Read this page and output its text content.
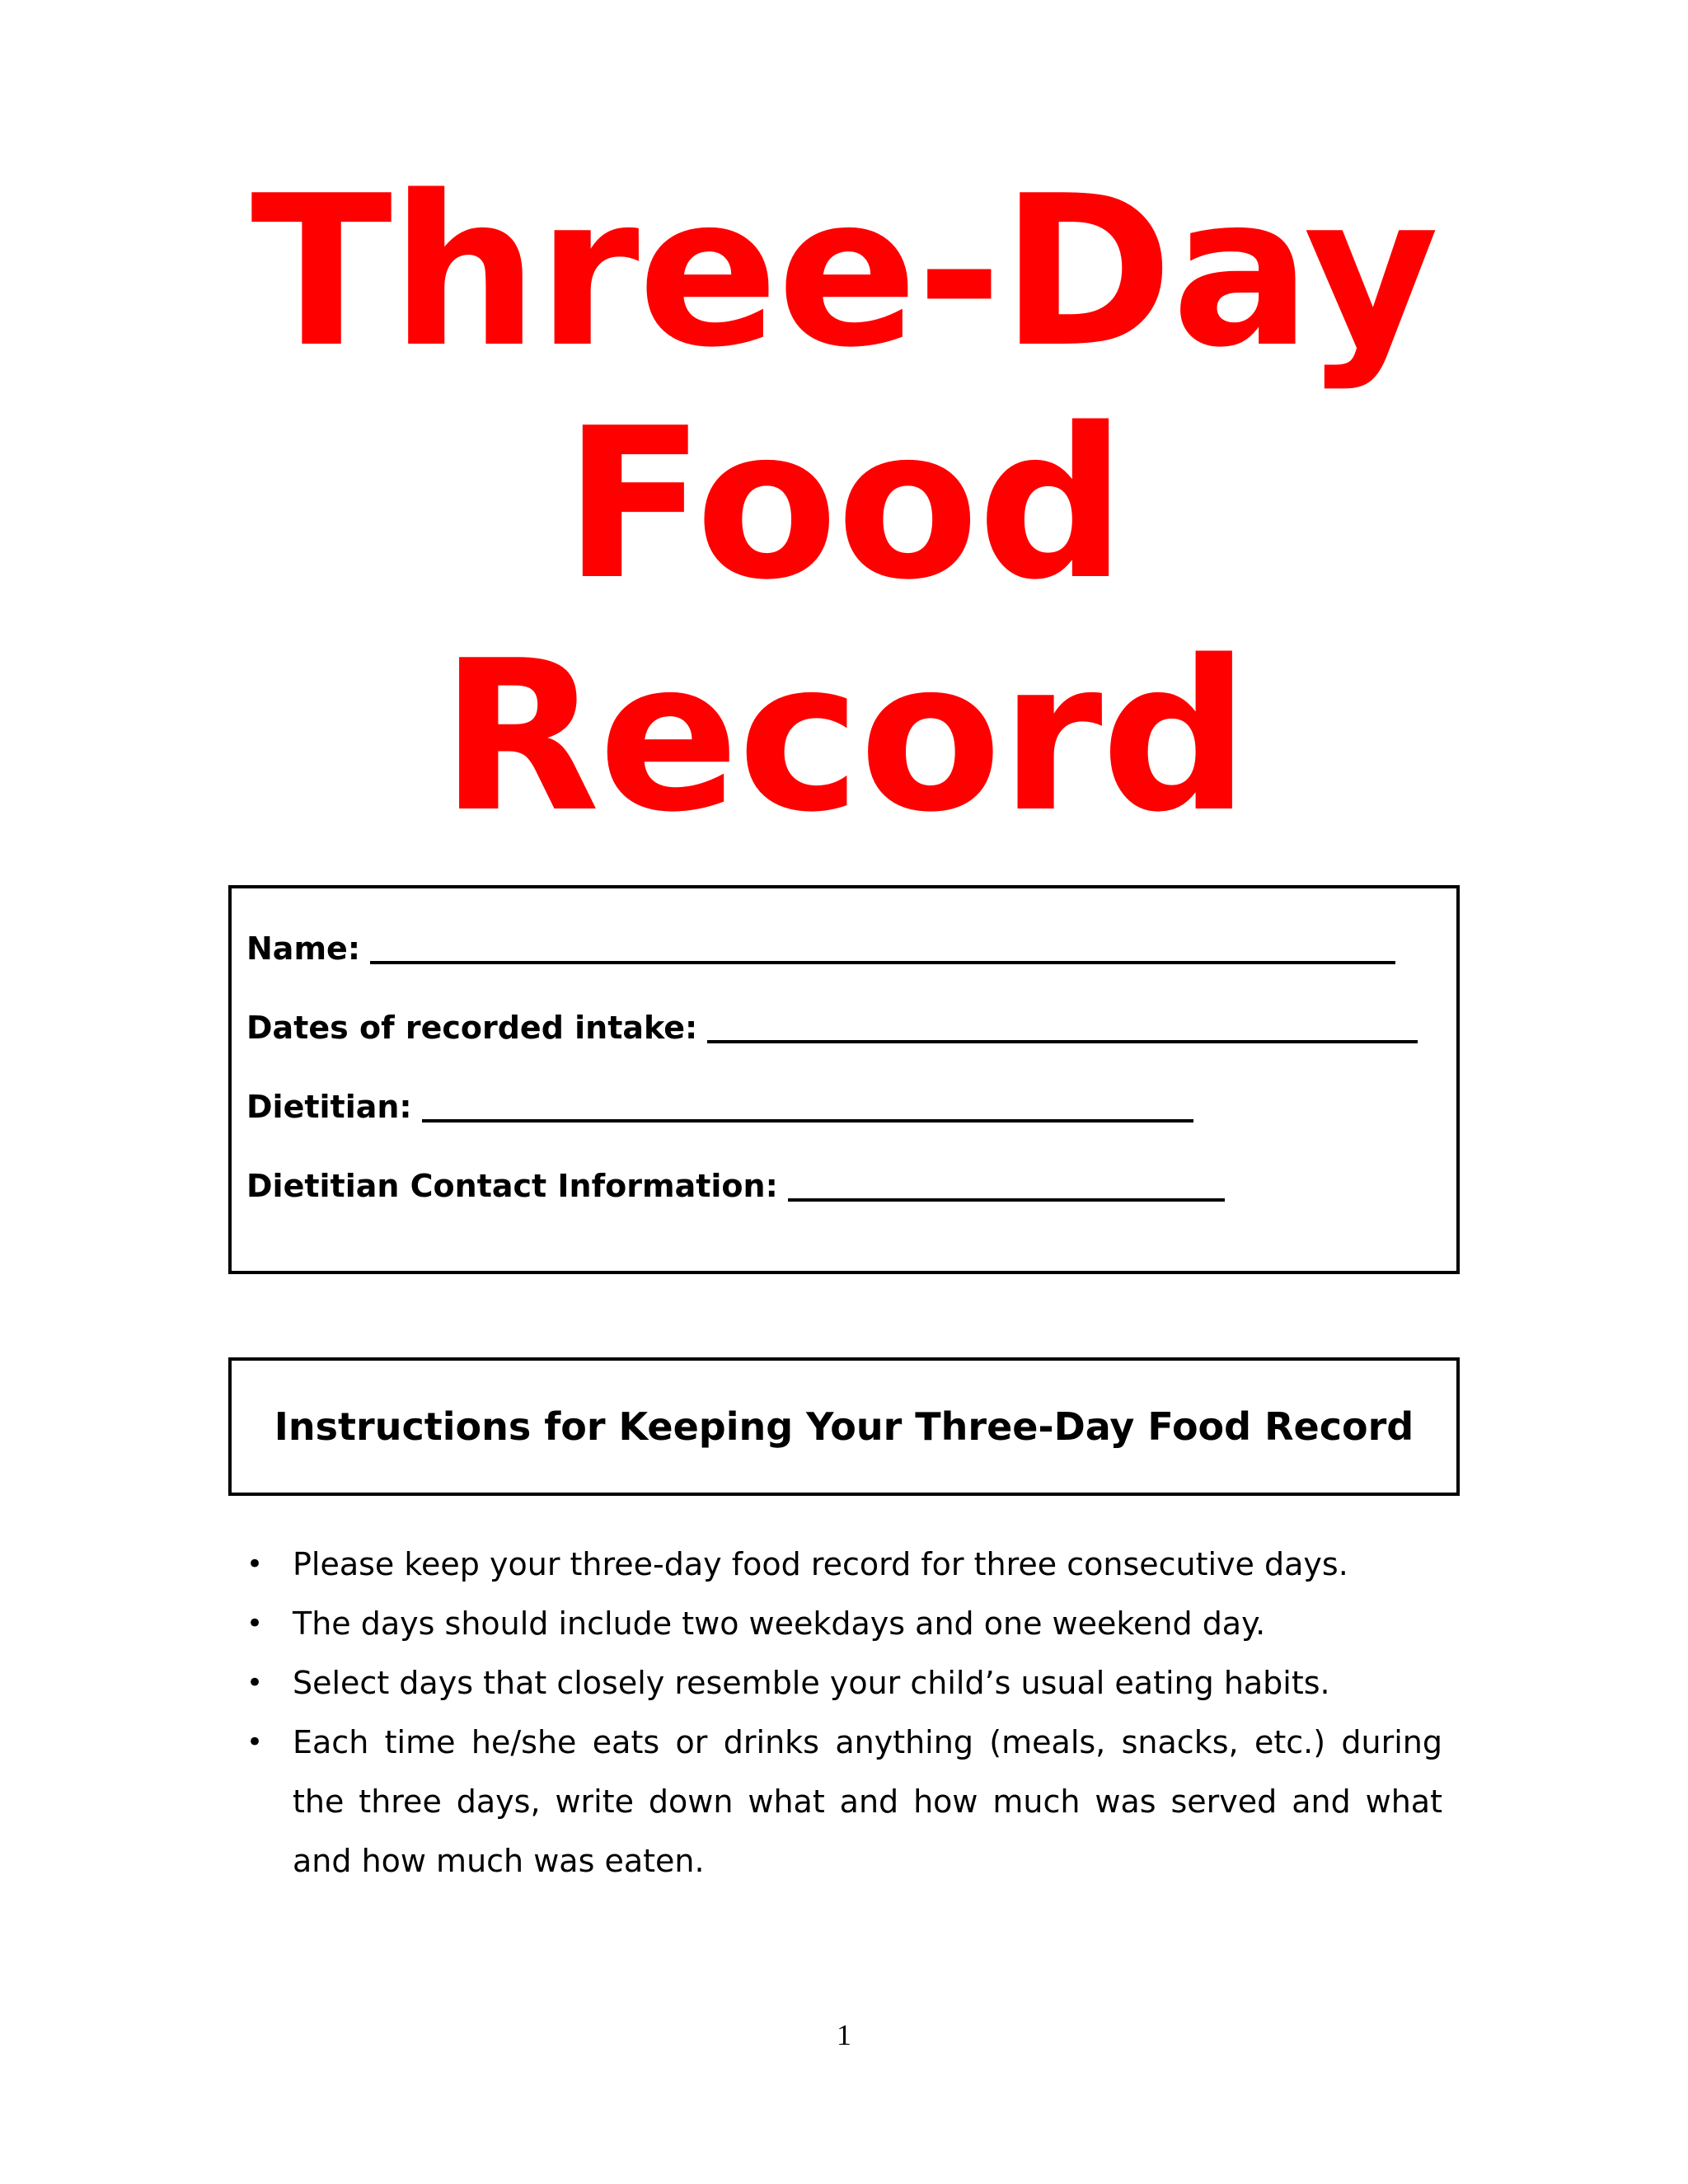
Three-Day
Food
Record
Name:
Dates of recorded intake:
Dietitian:
Dietitian Contact Information:
Instructions for Keeping Your Three-Day Food Record
• Please keep your three-day food record for three consecutive days.
• The days should include two weekdays and one weekend day.
• Select days that closely resemble your child’s usual eating habits.
• Each time he/she eats or drinks anything (meals, snacks, etc.) during the three days, write down what and how much was served and what and how much was eaten.
1
